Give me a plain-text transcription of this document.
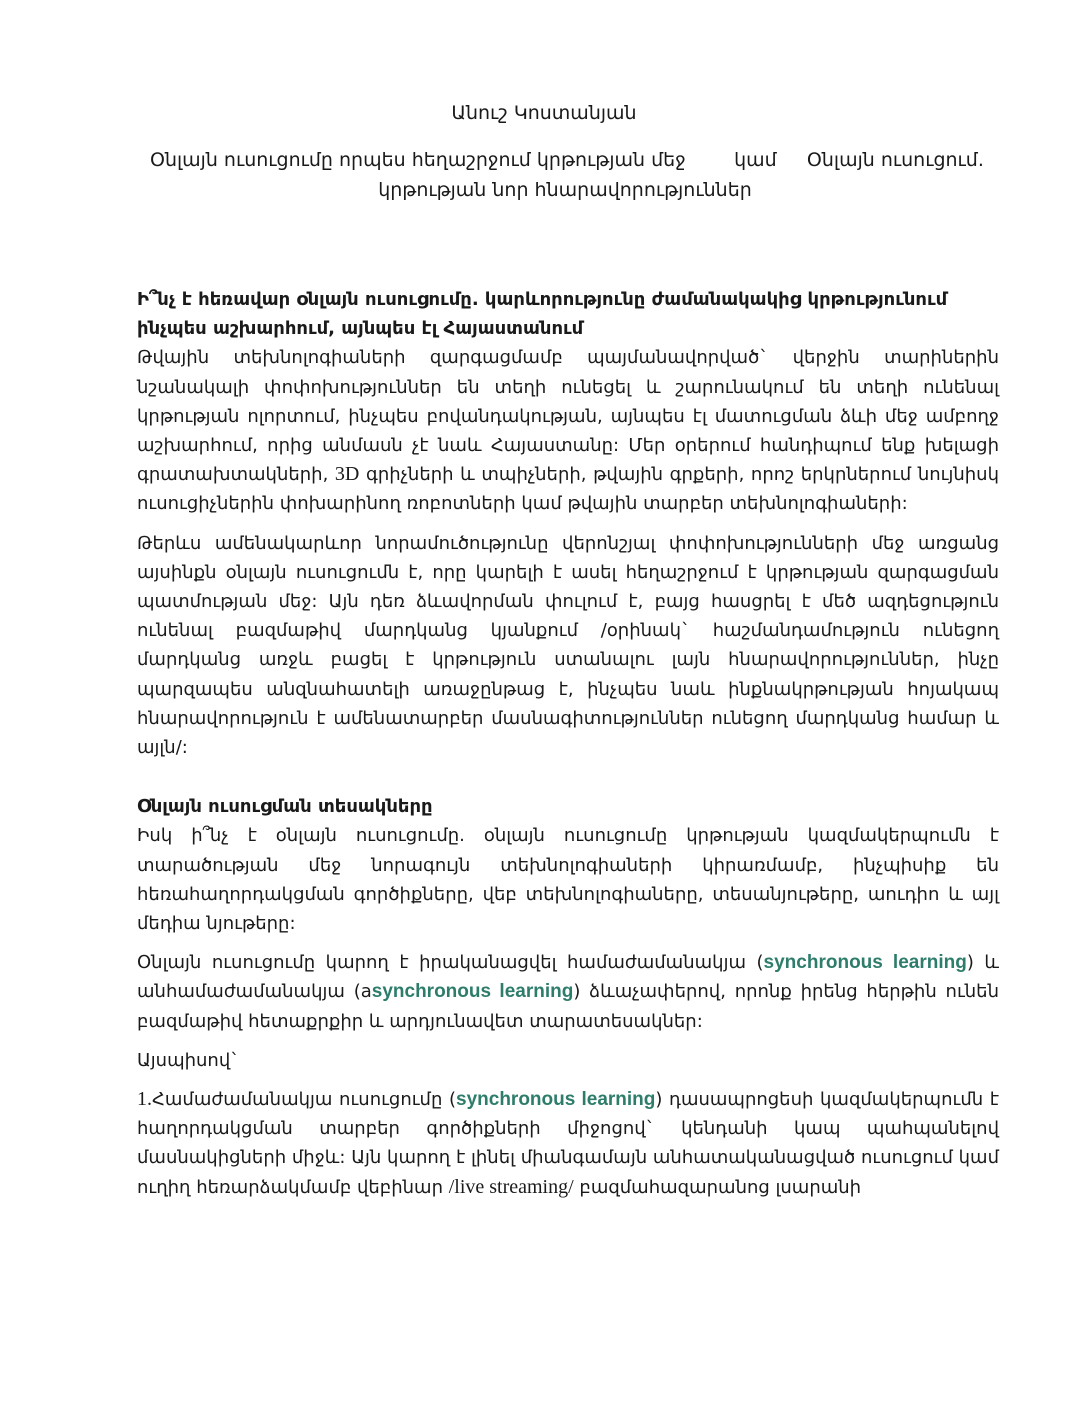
Անուշ Կոստանյան
Օնլայն ուսուցումը որպես հեղաշրջում կրթության մեջ        կամ     Օնլայն ուսուցում.
կրթության նոր հնարավորություններ
Ի՞նչ է հեռավար օնլայն ուսուցումը. կարևորությունը ժամանակակից կրթությունում ինչպես աշխարհում, այնպես էլ Հայաստանում

Թվային տեխնոլոգիաների զարգացմամբ պայմանավորված` վերջին տարիներին նշանակալի փոփոխություններ են տեղի ունեցել և շարունակում են տեղի ունենալ կրթության ոլորտում, ինչպես բովանդակության, այնպես էլ մատուցման ձևի մեջ ամբողջ աշխարհում, որից անմասն չէ նաև Հայաստանը: Մեր օրերում հանդիպում ենք խելացի գրատախտակների, 3D գրիչների և տպիչների, թվային գրքերի, որոշ երկրներում նույնիսկ ուսուցիչներին փոխարինող ռոբոտների կամ թվային տարբեր տեխնոլոգիաների:

Թերևս ամենակարևոր նորամուծությունը վերոնշյալ փոփոխությունների մեջ առցանց այսինքն օնլայն ուսուցումն է, որը կարելի է ասել հեղաշրջում է կրթության զարգացման պատմության մեջ: Այն դեռ ձևավորման փուլում է, բայց հասցրել է մեծ ազդեցություն ունենալ բազմաթիվ մարդկանց կյանքում /օրինակ` հաշմանդամություն ունեցող մարդկանց առջև բացել է կրթություն ստանալու լայն հնարավորություններ, ինչը պարզապես անզնահատելի առաջընթաց է, ինչպես նաև ինքնակրթության հոյակապ հնարավորություն է ամենատարբեր մասնագիտություններ ունեցող մարդկանց համար և այլն/:

Օնլայն ուսուցման տեսակները

Իսկ ի՞նչ է օնլայն ուսուցումը. օնլայն ուսուցումը կրթության կազմակերպումն է տարածության մեջ նորագույն տեխնոլոգիաների կիրառմամբ, ինչպիսիք են հեռահաղորդակցման գործիքները, վեբ տեխնոլոգիաները, տեսանյութերը, աուդիո և այլ մեդիա նյութերը:

Օնլայն ուսուցումը կարող է իրականացվել համաժամանակյա (synchronous learning) և անհամաժամանակյա (asynchronous learning) ձևաչափերով, որոնք իրենց հերթին ունեն բազմաթիվ հետաքրքիր և արդյունավետ տարատեսակներ:

Այսպիսով`

1.Համաժամանակյա ուսուցումը (synchronous learning) դասապրոցեսի կազմակերպումն է հաղորդակցման տարբեր գործիքների միջոցով` կենդանի կապ պահպանելով մասնակիցների միջև: Այն կարող է լինել միանգամայն անհատականացված ուսուցում կամ ուղիղ հեռարձակմամբ վեբինար /live streaming/ բազմահազարանոց լսարանի
